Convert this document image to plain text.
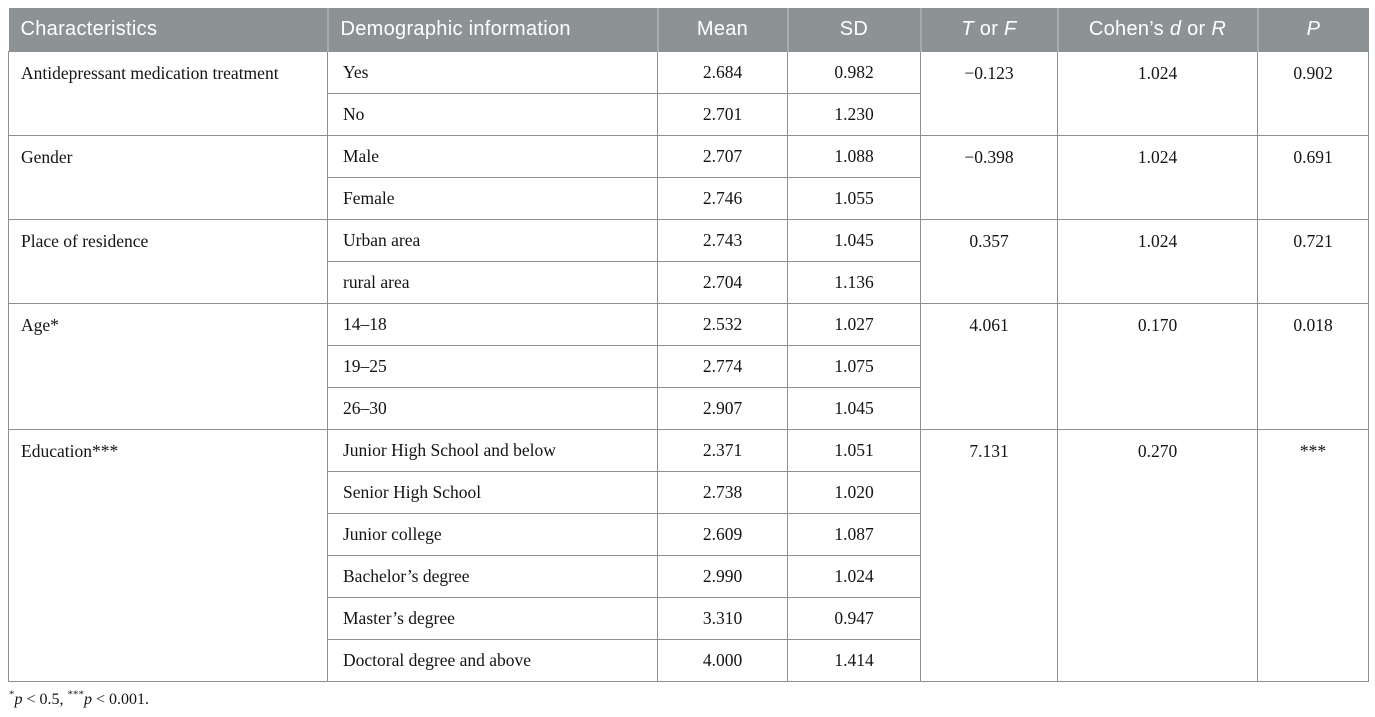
Characteristics	Demographic information	Mean	SD	T or F	Cohen’s d or R	P
Antidepressant medication treatment	Yes	2.684	0.982	−0.123	1.024	0.902
	No	2.701	1.230			
Gender	Male	2.707	1.088	−0.398	1.024	0.691
	Female	2.746	1.055			
Place of residence	Urban area	2.743	1.045	0.357	1.024	0.721
	rural area	2.704	1.136			
Age*	14–18	2.532	1.027	4.061	0.170	0.018
	19–25	2.774	1.075			
	26–30	2.907	1.045			
Education***	Junior High School and below	2.371	1.051	7.131	0.270	***
	Senior High School	2.738	1.020			
	Junior college	2.609	1.087			
	Bachelor’s degree	2.990	1.024			
	Master’s degree	3.310	0.947			
	Doctoral degree and above	4.000	1.414			
*p < 0.5, ***p < 0.001.
